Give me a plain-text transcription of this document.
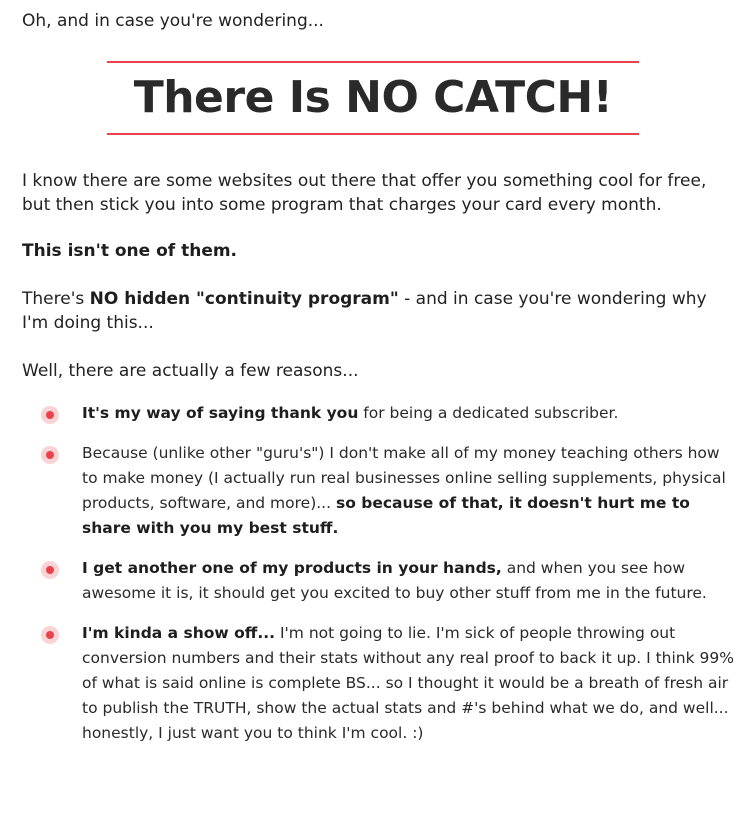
Oh, and in case you're wondering...
There Is NO CATCH!

I know there are some websites out there that offer you something cool for free, but then stick you into some program that charges your card every month.

This isn't one of them.

There's NO hidden "continuity program" - and in case you're wondering why I'm doing this...

Well, there are actually a few reasons...

It's my way of saying thank you for being a dedicated subscriber.
Because (unlike other "guru's") I don't make all of my money teaching others how to make money (I actually run real businesses online selling supplements, physical products, software, and more)... so because of that, it doesn't hurt me to share with you my best stuff.
I get another one of my products in your hands, and when you see how awesome it is, it should get you excited to buy other stuff from me in the future.
I'm kinda a show off... I'm not going to lie. I'm sick of people throwing out conversion numbers and their stats without any real proof to back it up. I think 99% of what is said online is complete BS... so I thought it would be a breath of fresh air to publish the TRUTH, show the actual stats and #'s behind what we do, and well... honestly, I just want you to think I'm cool. :)
